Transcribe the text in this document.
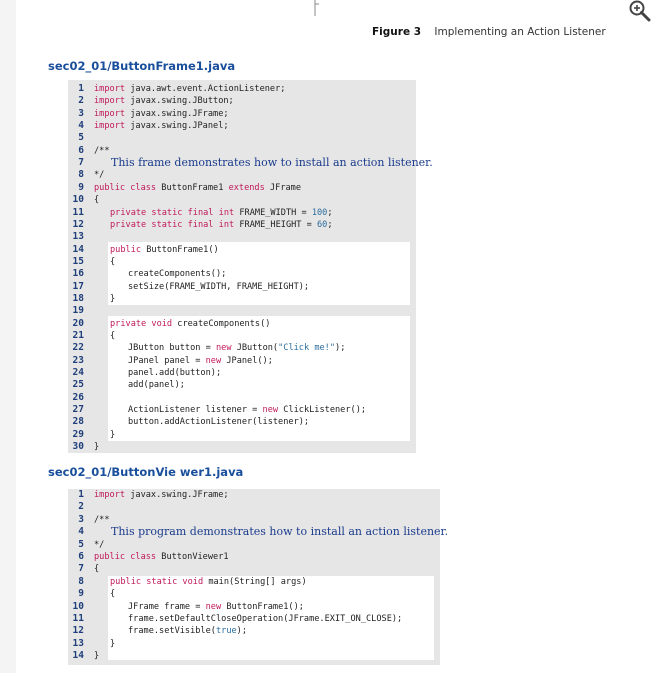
Figure 3 Implementing an Action Listener
sec02_01/ButtonFrame1.java
sec02_01/ButtonVie wer1.java
1 import java.awt.event.ActionListener;
2 import javax.swing.JButton;
3 import javax.swing.JFrame;
4 import javax.swing.JPanel;
5
6 /**
7 This frame demonstrates how to install an action listener.
8 */
9 public class ButtonFrame1 extends JFrame
10 {
11	private static final int FRAME_WIDTH = 100;
12	private static final int FRAME_HEIGHT = 60;
13
14	public ButtonFrame1()
15	{
16	createComponents();
17	setSize(FRAME_WIDTH, FRAME_HEIGHT);
18	}
19
20	private void createComponents()
21	{
22	JButton button = new JButton("Click me!");
23	JPanel panel = new JPanel();
24	panel.add(button);
25	add(panel);
26
27	ActionListener listener = new ClickListener();
28	button.addActionListener(listener);
29	}
30 }
1 import javax.swing.JFrame;
2
3 /**
4 This program demonstrates how to install an action listener.
5 */
6 public class ButtonViewer1
7 {
8	public static void main(String[] args)
9	{
10	JFrame frame = new ButtonFrame1();
11	frame.setDefaultCloseOperation(JFrame.EXIT_ON_CLOSE);
12	frame.setVisible(true);
13	}
14 }
